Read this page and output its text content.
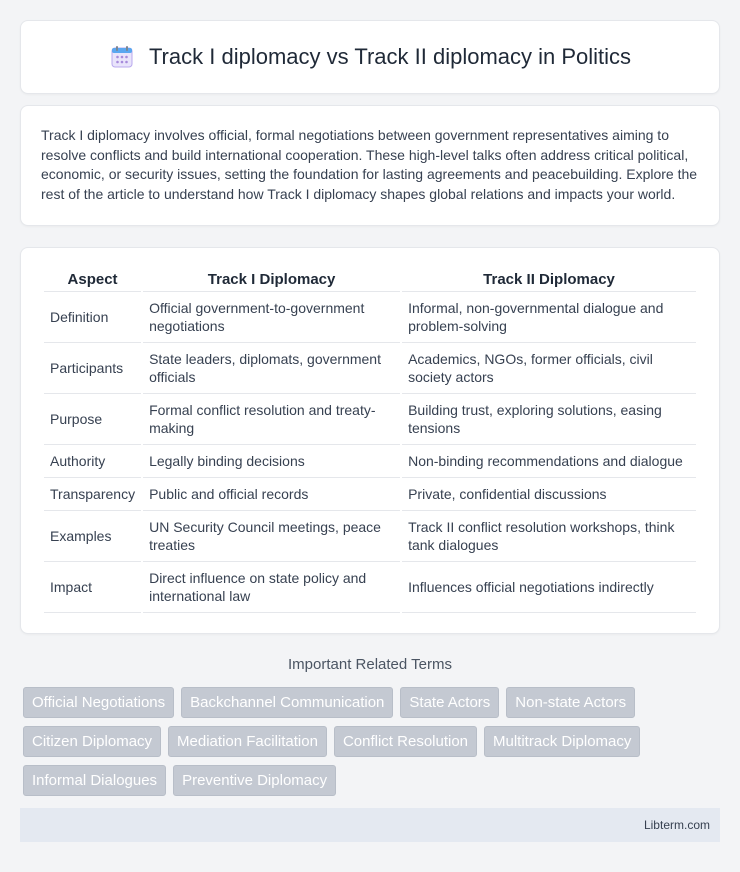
Track I diplomacy vs Track II diplomacy in Politics

Track I diplomacy involves official, formal negotiations between government representatives aiming to resolve conflicts and build international cooperation. These high-level talks often address critical political, economic, or security issues, setting the foundation for lasting agreements and peacebuilding. Explore the rest of the article to understand how Track I diplomacy shapes global relations and impacts your world.

Aspect	Track I Diplomacy	Track II Diplomacy
Definition	Official government-to-government negotiations	Informal, non-governmental dialogue and problem-solving
Participants	State leaders, diplomats, government officials	Academics, NGOs, former officials, civil society actors
Purpose	Formal conflict resolution and treaty-making	Building trust, exploring solutions, easing tensions
Authority	Legally binding decisions	Non-binding recommendations and dialogue
Transparency	Public and official records	Private, confidential discussions
Examples	UN Security Council meetings, peace treaties	Track II conflict resolution workshops, think tank dialogues
Impact	Direct influence on state policy and international law	Influences official negotiations indirectly
Important Related Terms
Official Negotiations	Backchannel Communication	State Actors	Non-state Actors
Citizen Diplomacy	Mediation Facilitation	Conflict Resolution	Multitrack Diplomacy
Informal Dialogues	Preventive Diplomacy
Libterm.com
